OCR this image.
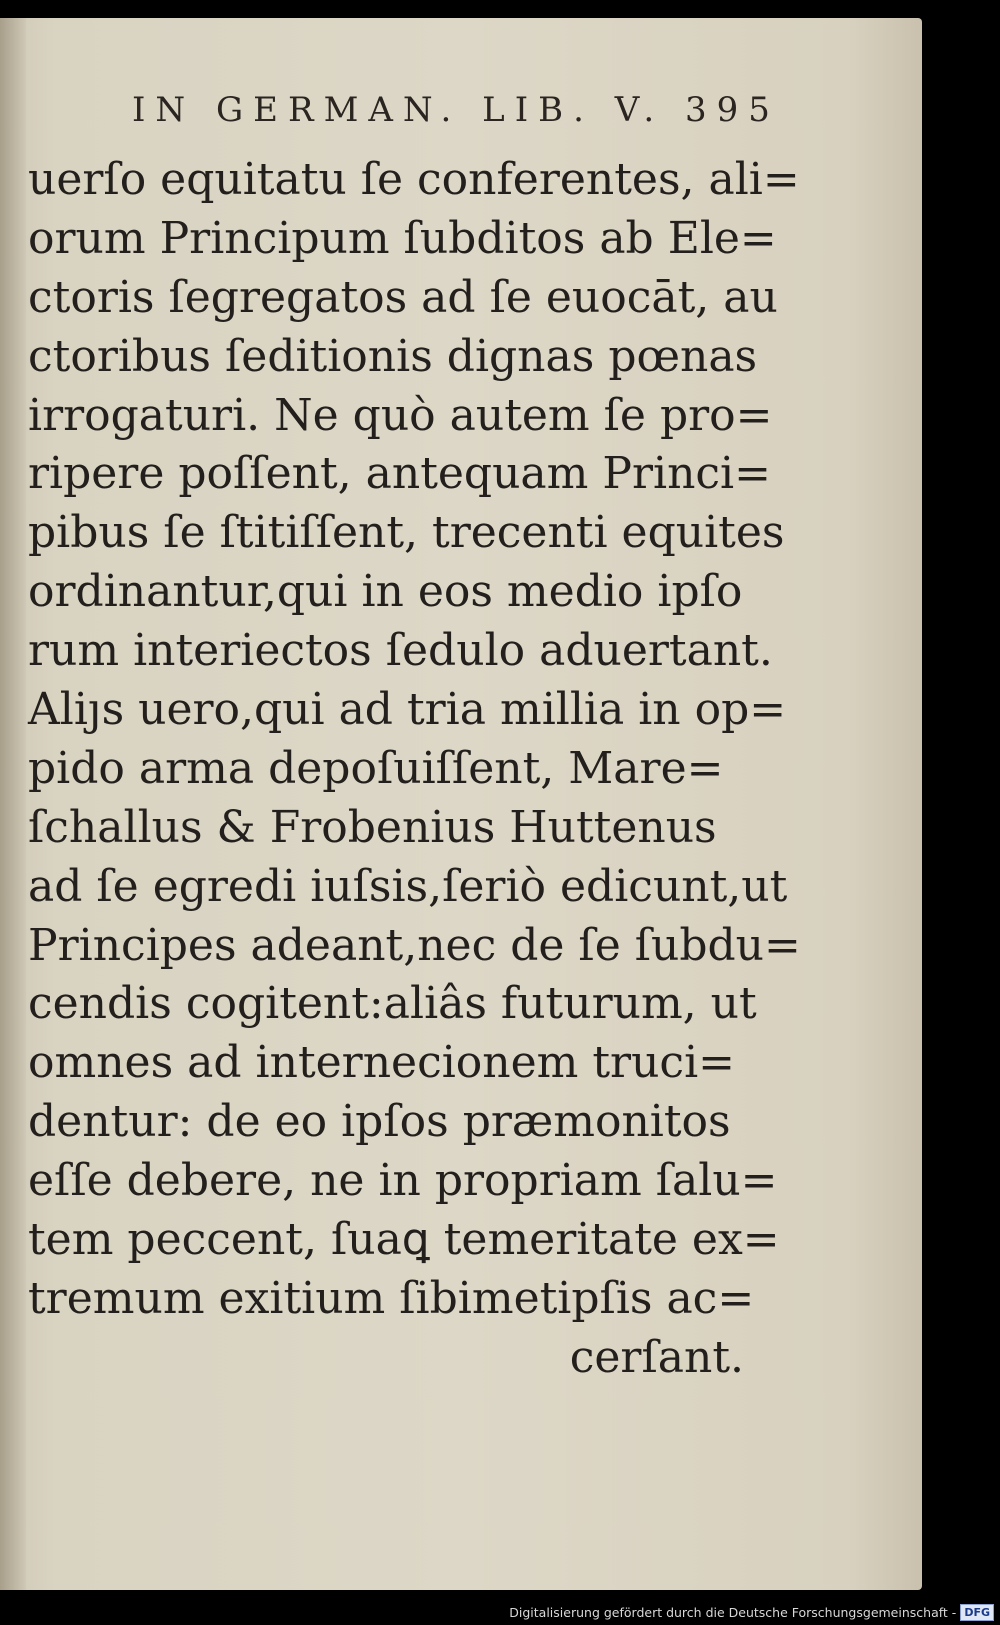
IN GERMAN. LIB. V. 395
uerſo equitatu ſe conferentes, ali=
orum Principum ſubditos ab Ele=
ctoris ſegregatos ad ſe euocāt, au
ctoribus ſeditionis dignas pœnas
irrogaturi. Ne quò autem ſe pro=
ripere poſſent, antequam Princi=
pibus ſe ſtitiſſent, trecenti equites
ordinantur,qui in eos medio ipſo
rum interiectos ſedulo aduertant.
Aliȷs uero,qui ad tria millia in op=
pido arma depoſuiſſent, Mare=
ſchallus & Frobenius Huttenus
ad ſe egredi iuſsis,ſeriò edicunt,ut
Principes adeant,nec de ſe ſubdu=
cendis cogitent:aliâs futurum, ut
omnes ad internecionem truci=
dentur: de eo ipſos præmonitos
eſſe debere, ne in propriam ſalu=
tem peccent, ſuaꝗ temeritate ex=
tremum exitium ſibimetipſis ac=
cerſant.
Digitalisierung gefördert durch die Deutsche Forschungsgemeinschaft - DFG
